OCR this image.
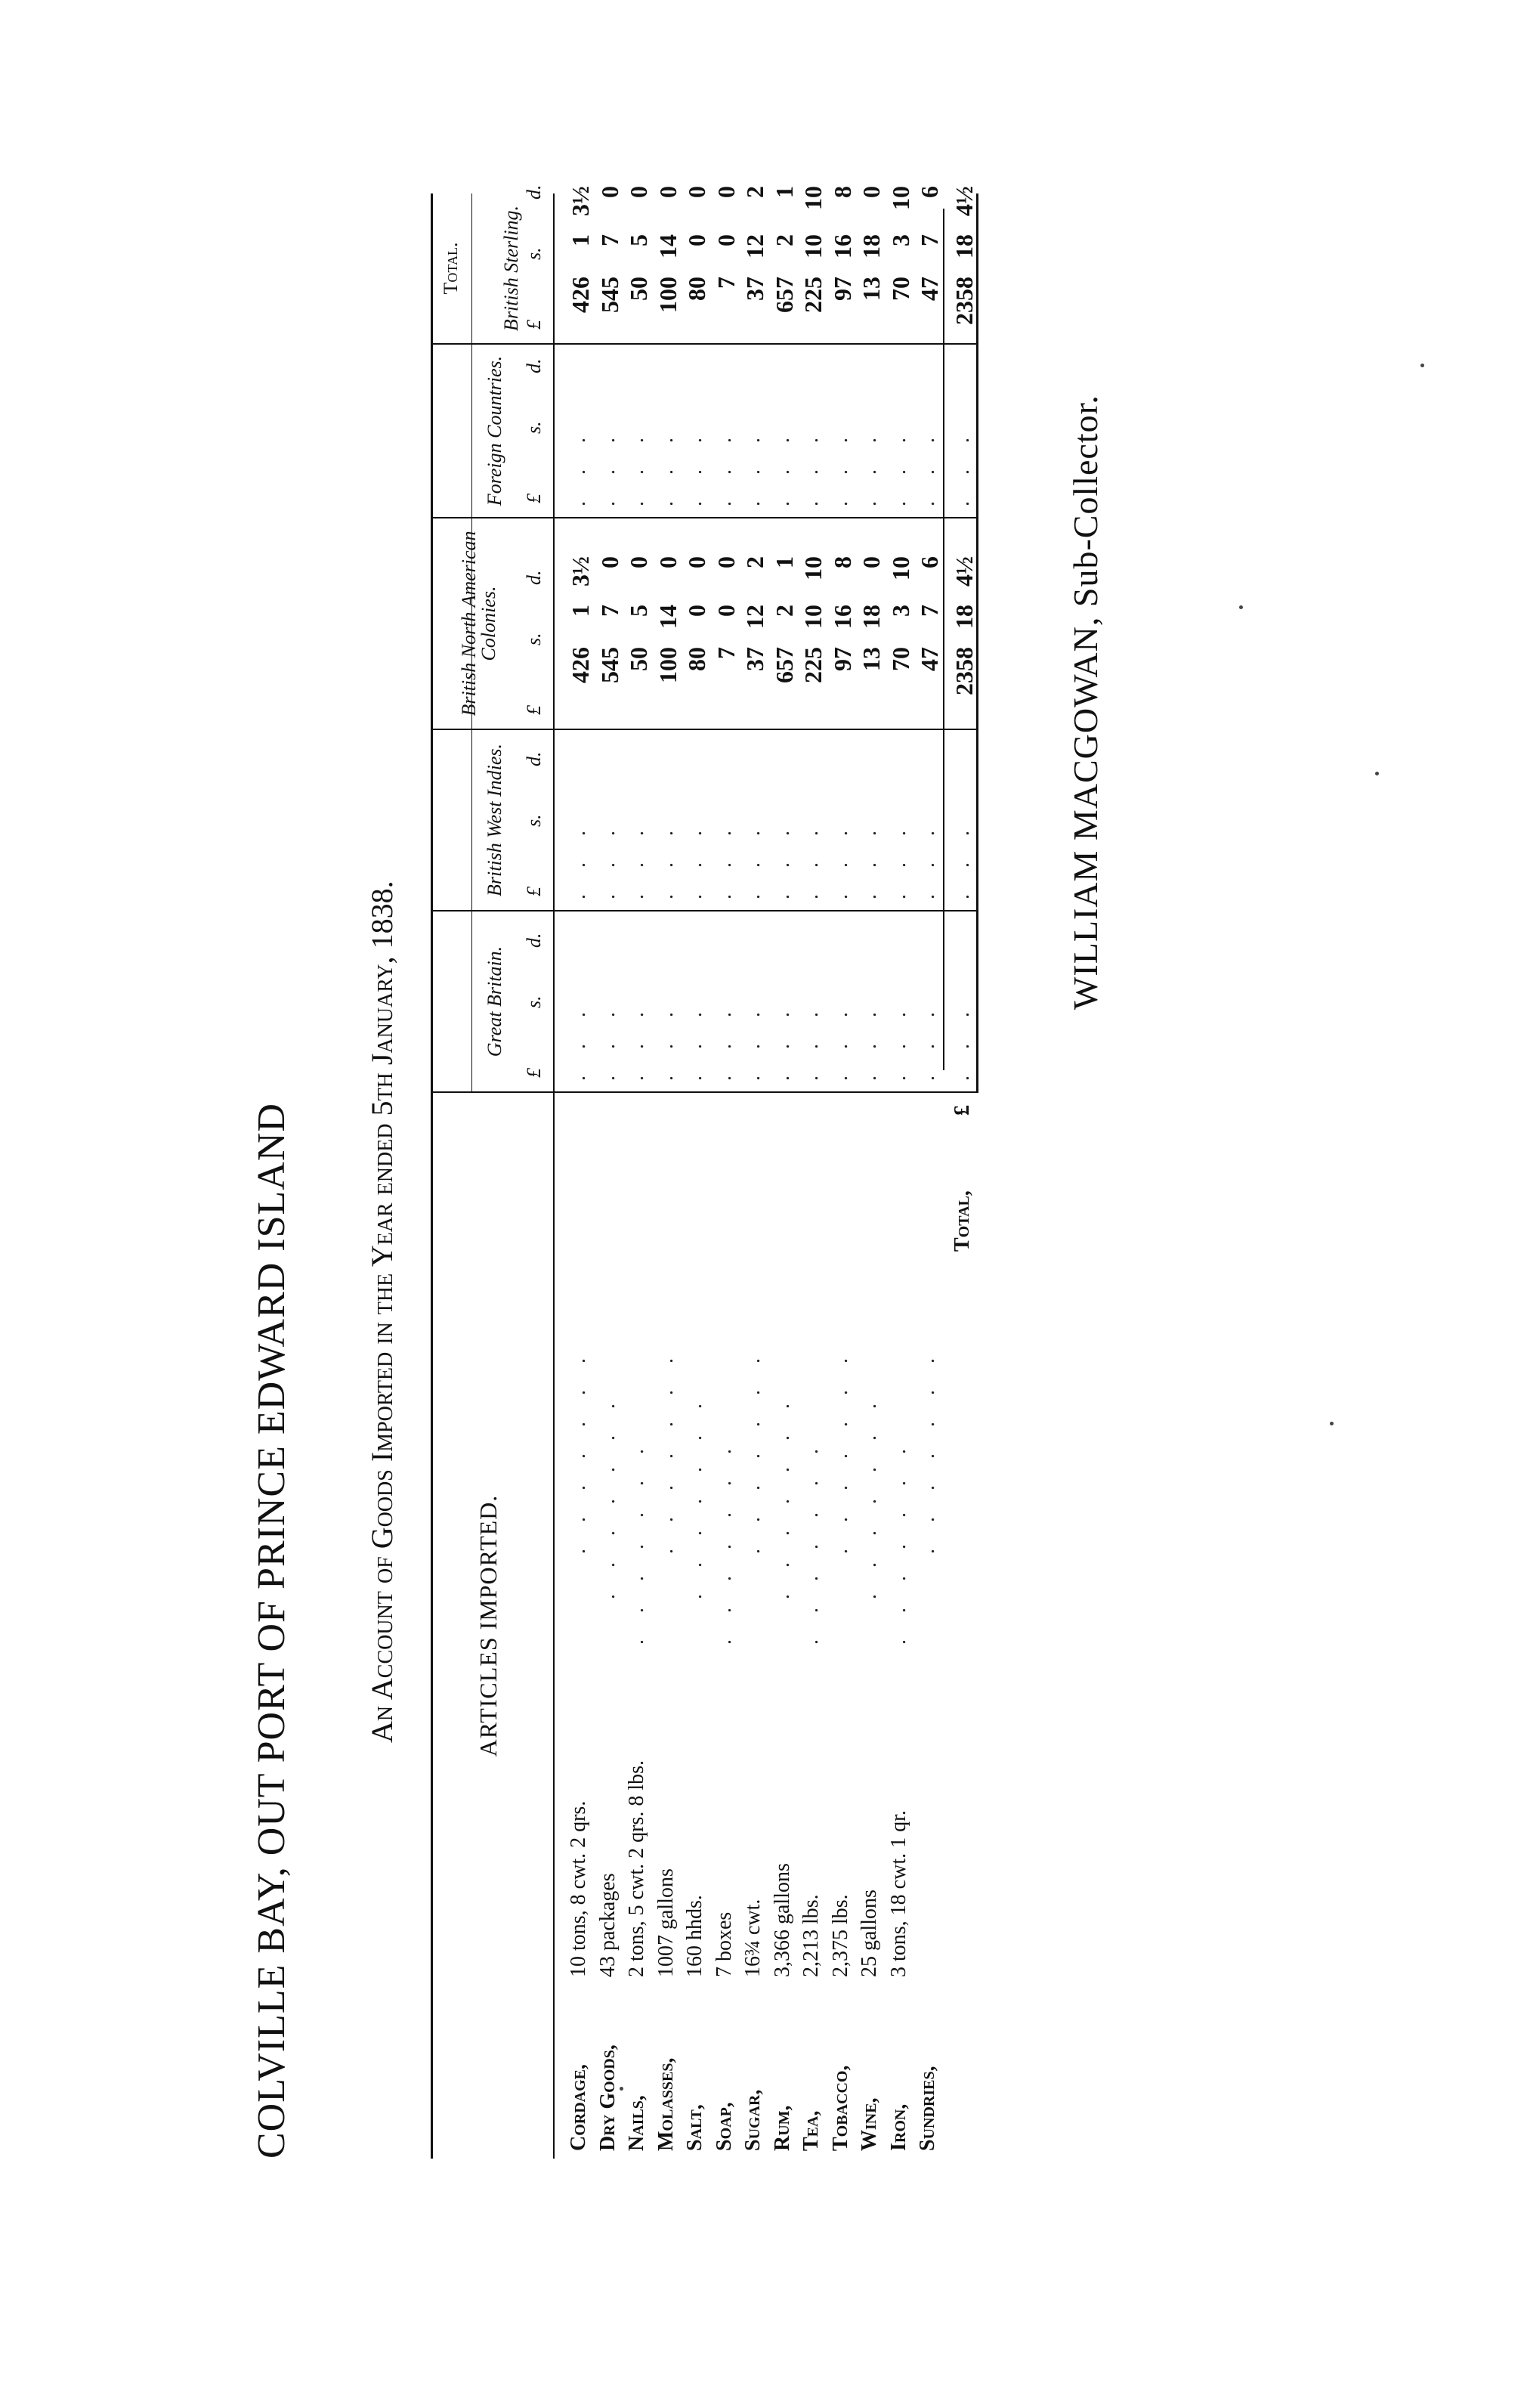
COLVILLE BAY, OUT PORT OF PRINCE EDWARD ISLAND An Account of Goods Imported in the Year ended 5th January, 1838.	ARTICLES IMPORTED.
Great Britain.
British West Indies.
British North American Colonies.
Foreign Countries.
Total. British Sterling.
£
s.
d.
£
s.
d.
£
s.
d.
£
s.
d.
£
s.
d.
Cordage,
10 tons, 8 cwt. 2 qrs.
. . . . . . .
. . .
. . .
. . .
426
1
3½
426
1
3½
Dry Goods,
43 packages
. . . . . . .
. . .
. . .
. . .
545
7
0
545
7
0
Nails,
2 tons, 5 cwt. 2 qrs. 8 lbs.
. . . . . . .
. . .
. . .
. . .
50
5
0
50
5
0
Molasses,
1007 gallons
. . . . . . .
. . .
. . .
. . .
100
14
0
100
14
0
Salt,
160 hhds.
. . . . . . .
. . .
. . .
. . .
80
0
0
80
0
0
Soap,
7 boxes
. . . . . . .
. . .
. . .
. . .
7
0
0
7
0
0
Sugar,
16¾ cwt.
. . . . . . .
. . .
. . .
. . .
37
12
2
37
12
2
Rum,
3,366 gallons
. . . . . . .
. . .
. . .
. . .
657
2
1
657
2
1
Tea,
2,213 lbs.
. . . . . . .
. . .
. . .
. . .
225
10
10
225
10
10
Tobacco,
2,375 lbs.
. . . . . . .
. . .
. . .
. . .
97
16
8
97
16
8
Wine,
25 gallons
. . . . . . .
. . .
. . .
. . .
13
18
0
13
18
0
Iron,
3 tons, 18 cwt. 1 qr.
. . . . . . .
. . .
. . .
. . .
70
3
10
70
3
10
Sundries,
. . . . . . .
. . .
. . .
. . .
47
7
6
47
7
6
Total,
£
. . .
. . .
. . .
2358
18
4½
2358
18
4½
WILLIAM MACGOWAN, Sub-Collector.
